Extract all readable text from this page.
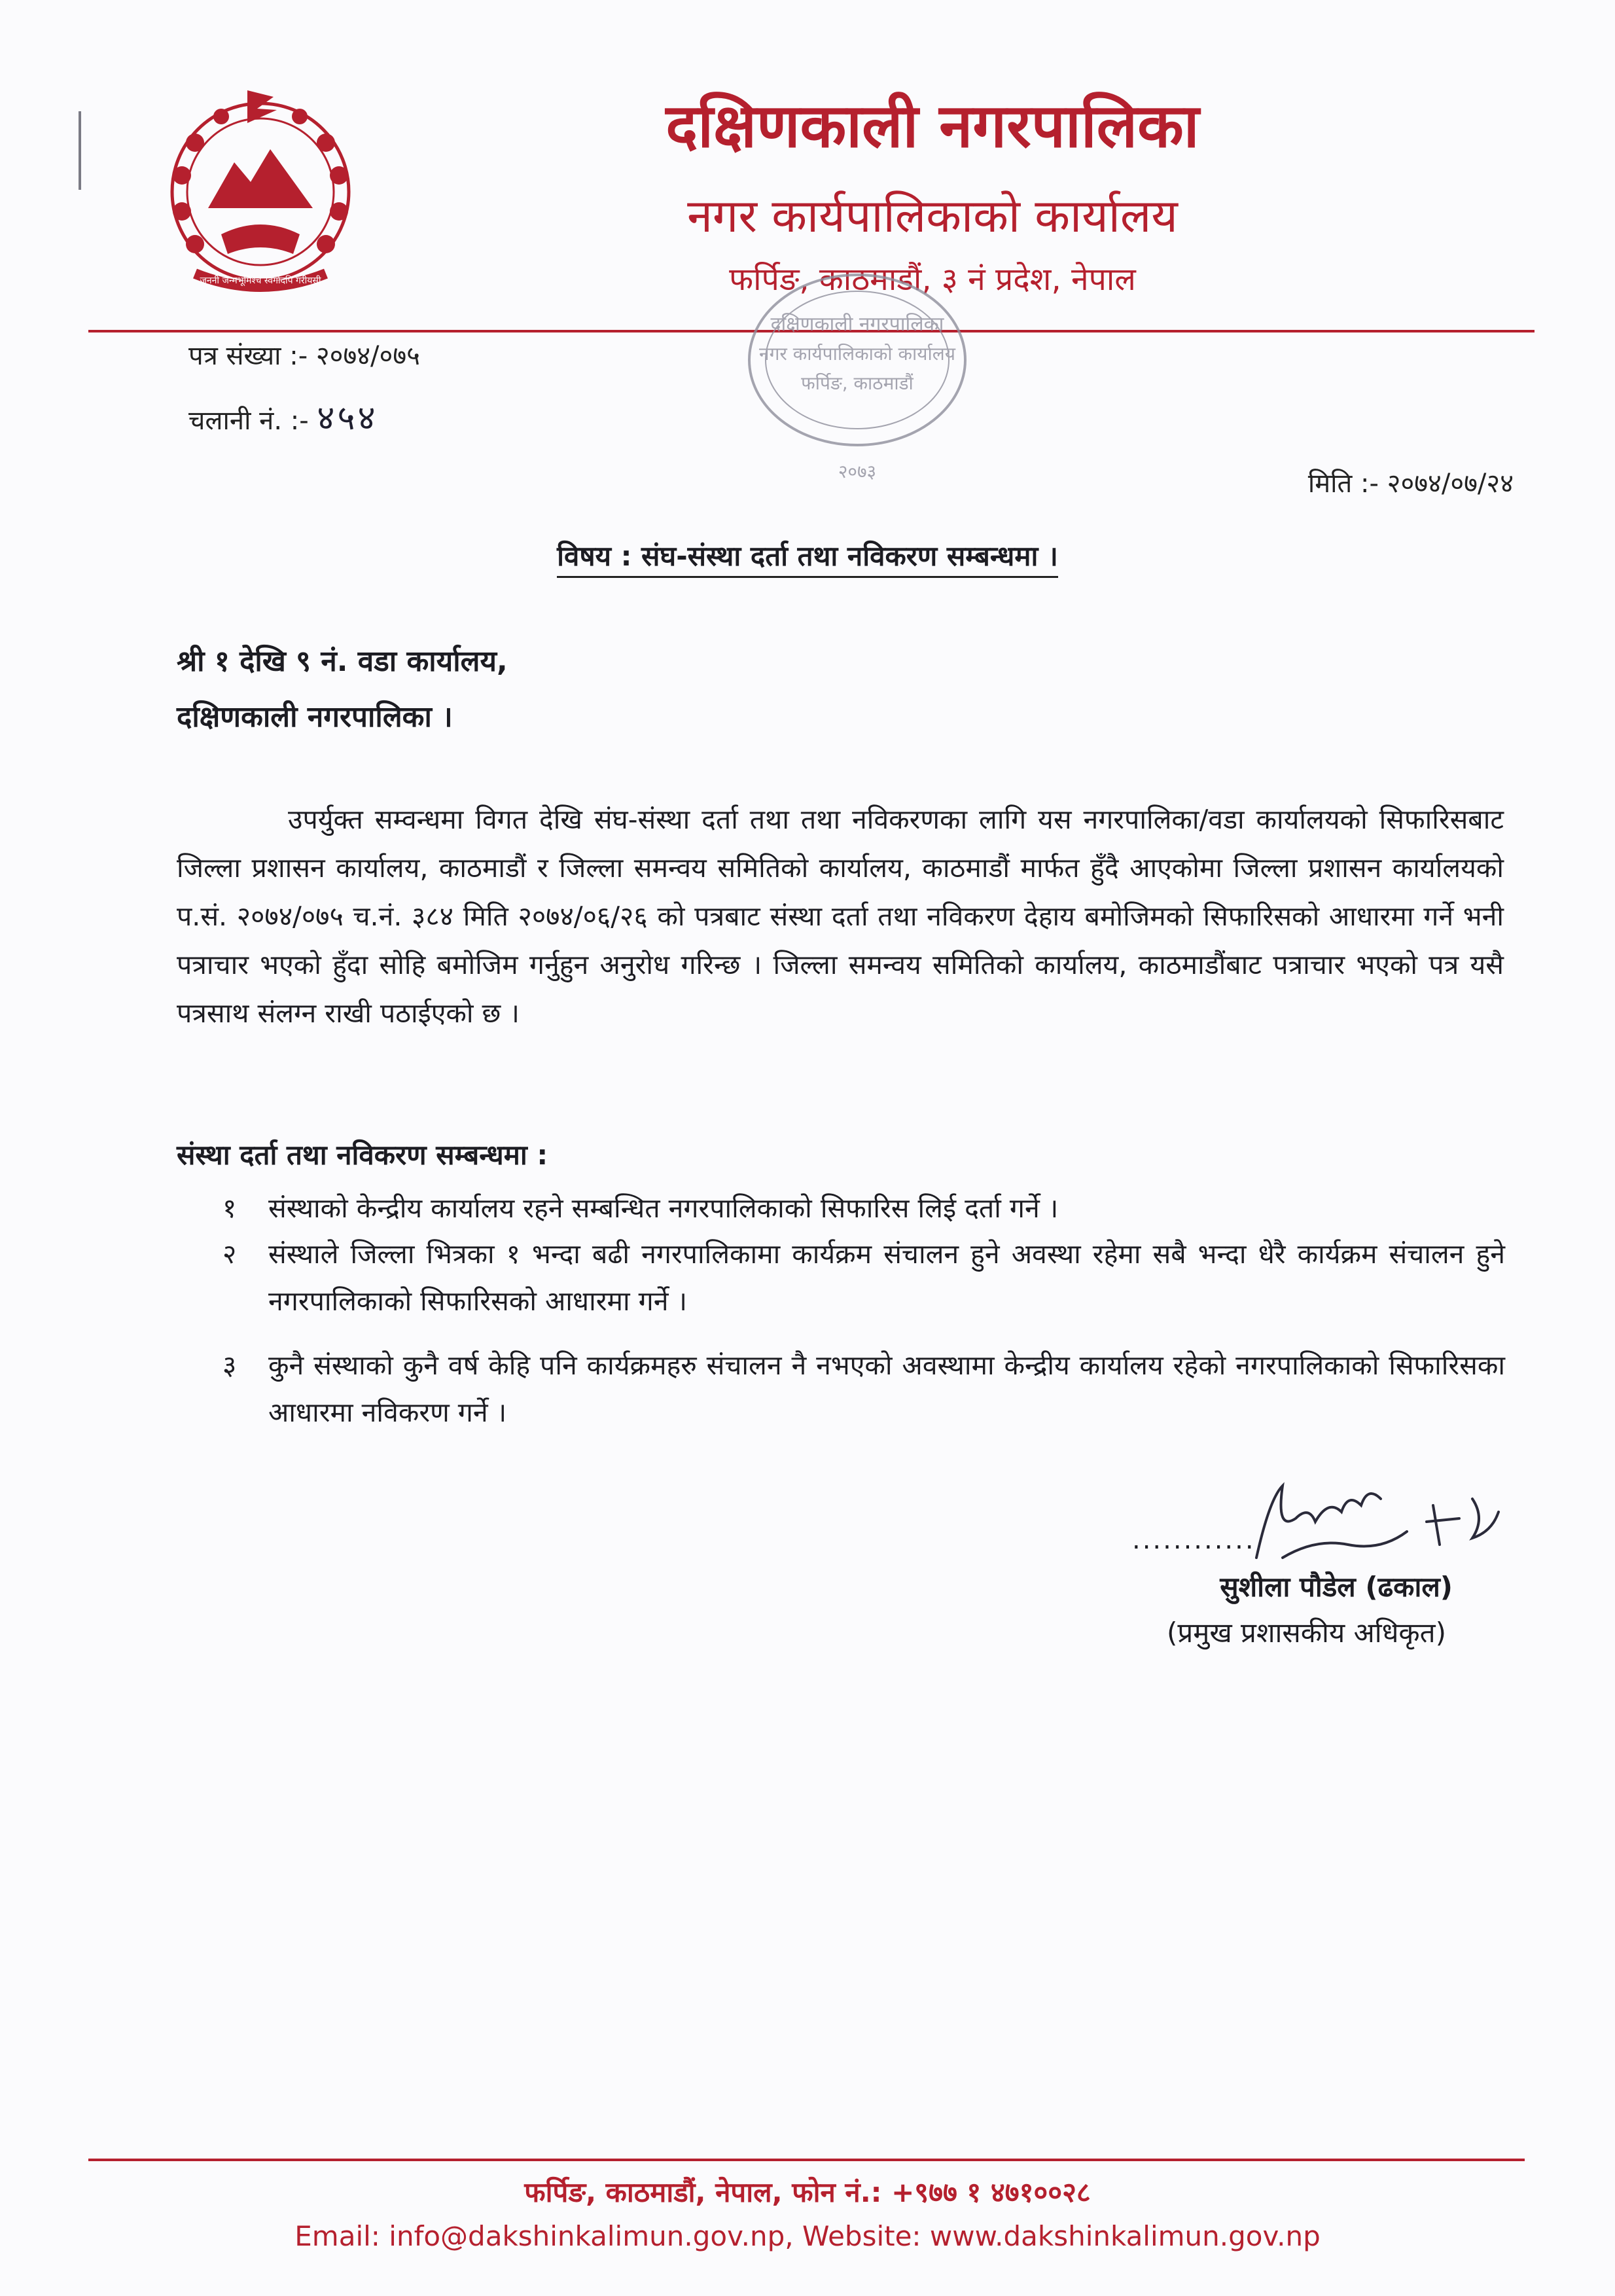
जननी जन्मभूमिश्च स्वर्गादपि गरीयसी
दक्षिणकाली नगरपालिका
नगर कार्यपालिकाको कार्यालय
फर्पिङ, काठमाडौं, ३ नं प्रदेश, नेपाल
दक्षिणकाली नगरपालिका
नगर कार्यपालिकाको कार्यालय
फर्पिङ, काठमाडौं
२०७३
पत्र संख्या :- २०७४/०७५
चलानी नं. :- ४५४
मिति :- २०७४/०७/२४
विषय : संघ-संस्था दर्ता तथा नविकरण सम्बन्धमा ।
श्री १ देखि ९ नं. वडा कार्यालय,
दक्षिणकाली नगरपालिका ।
उपर्युक्त सम्वन्धमा विगत देखि संघ-संस्था दर्ता तथा तथा नविकरणका लागि यस नगरपालिका/वडा कार्यालयको सिफारिसबाट जिल्ला प्रशासन कार्यालय, काठमाडौं र जिल्ला समन्वय समितिको कार्यालय, काठमाडौं मार्फत हुँदै आएकोमा जिल्ला प्रशासन कार्यालयको प.सं. २०७४/०७५ च.नं. ३८४ मिति २०७४/०६/२६ को पत्रबाट संस्था दर्ता तथा नविकरण देहाय बमोजिमको सिफारिसको आधारमा गर्ने भनी पत्राचार भएको हुँदा सोहि बमोजिम गर्नुहुन अनुरोध गरिन्छ । जिल्ला समन्वय समितिको कार्यालय, काठमाडौंबाट पत्राचार भएको पत्र यसै पत्रसाथ संलग्न राखी पठाईएको छ ।
संस्था दर्ता तथा नविकरण सम्बन्धमा :
१	संस्थाको केन्द्रीय कार्यालय रहने सम्बन्धित नगरपालिकाको सिफारिस लिई दर्ता गर्ने ।
२	संस्थाले जिल्ला भित्रका १ भन्दा बढी नगरपालिकामा कार्यक्रम संचालन हुने अवस्था रहेमा सबै भन्दा धेरै कार्यक्रम संचालन हुने नगरपालिकाको सिफारिसको आधारमा गर्ने ।
३	कुनै संस्थाको कुनै वर्ष केहि पनि कार्यक्रमहरु संचालन नै नभएको अवस्थामा केन्द्रीय कार्यालय रहेको नगरपालिकाको सिफारिसका आधारमा नविकरण गर्ने ।
............
सुशीला पौडेल (ढकाल)
(प्रमुख प्रशासकीय अधिकृत)
फर्पिङ, काठमाडौं, नेपाल, फोन नं.: +९७७ १ ४७१००२८
Email: info@dakshinkalimun.gov.np, Website: www.dakshinkalimun.gov.np
